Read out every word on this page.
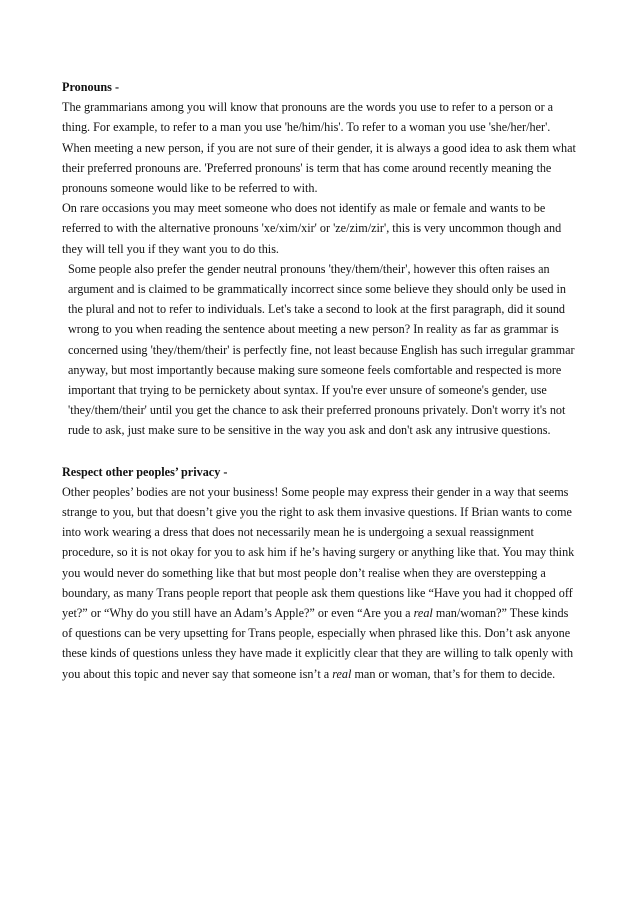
Pronouns -

The grammarians among you will know that pronouns are the words you use to refer to a person or a thing. For example, to refer to a man you use 'he/him/his'. To refer to a woman you use 'she/her/her'. When meeting a new person, if you are not sure of their gender, it is always a good idea to ask them what their preferred pronouns are. 'Preferred pronouns' is term that has come around recently meaning the pronouns someone would like to be referred to with.

On rare occasions you may meet someone who does not identify as male or female and wants to be referred to with the alternative pronouns 'xe/xim/xir' or 'ze/zim/zir', this is very uncommon though and they will tell you if they want you to do this.

Some people also prefer the gender neutral pronouns 'they/them/their', however this often raises an argument and is claimed to be grammatically incorrect since some believe they should only be used in the plural and not to refer to individuals. Let's take a second to look at the first paragraph, did it sound wrong to you when reading the sentence about meeting a new person? In reality as far as grammar is concerned using 'they/them/their' is perfectly fine, not least because English has such irregular grammar anyway, but most importantly because making sure someone feels comfortable and respected is more important that trying to be pernickety about syntax. If you're ever unsure of someone's gender, use 'they/them/their' until you get the chance to ask their preferred pronouns privately. Don't worry it's not rude to ask, just make sure to be sensitive in the way you ask and don't ask any intrusive questions.

Respect other peoples’ privacy -

Other peoples’ bodies are not your business! Some people may express their gender in a way that seems strange to you, but that doesn’t give you the right to ask them invasive questions. If Brian wants to come into work wearing a dress that does not necessarily mean he is undergoing a sexual reassignment procedure, so it is not okay for you to ask him if he’s having surgery or anything like that. You may think you would never do something like that but most people don’t realise when they are overstepping a boundary, as many Trans people report that people ask them questions like “Have you had it chopped off yet?” or “Why do you still have an Adam’s Apple?” or even “Are you a real man/woman?” These kinds of questions can be very upsetting for Trans people, especially when phrased like this. Don’t ask anyone these kinds of questions unless they have made it explicitly clear that they are willing to talk openly with you about this topic and never say that someone isn’t a real man or woman, that’s for them to decide.
